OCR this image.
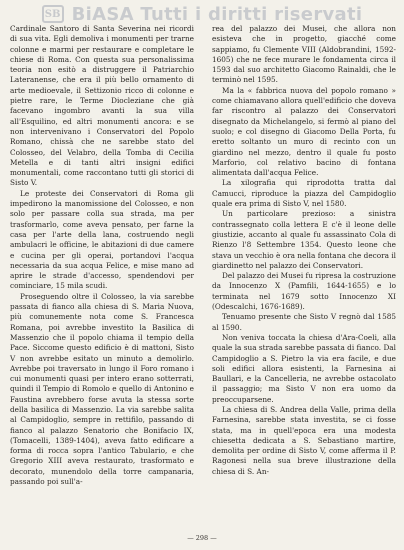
SB BiASA Tutti i diritti riservati

Cardinale Santoro di Santa Severina nei ricordi di sua vita. Egli demoliva i monumenti per trarne colonne e marmi per restaurare e completare le chiese di Roma. Con questa sua personalissima teoria non esitò a distruggere il Patriarchio Lateranense, che era il più bello ornamento di arte medioevale, il Settizonio ricco di colonne e pietre rare, le Terme Diocleziane che già facevano ingombro avanti la sua villa all'Esquilino, ed altri monumenti ancora: e se non intervenivano i Conservatori del Popolo Romano, chissà che ne sarebbe stato del Colosseo, del Velabro, della Tomba di Cecilia Metella e di tanti altri insigni edifici monumentali, come raccontano tutti gli storici di Sisto V.

Le proteste dei Conservatori di Roma gli impedirono la manomissione del Colosseo, e non solo per passare colla sua strada, ma per trasformarlo, come aveva pensato, per farne la casa per l'arte della lana, costruendo negli ambulacri le officine, le abitazioni di due camere e cucina per gli operai, portandovi l'acqua necessaria da sua acqua Felice, e mise mano ad aprire le strade d'accesso, spendendovi per cominciare, 15 mila scudi.

Proseguendo oltre il Colosseo, la via sarebbe passata di fianco alla chiesa di S. Maria Nuova, più comunemente nota come S. Francesca Romana, poi avrebbe investito la Basilica di Massenzio che il popolo chiama il tempio della Pace. Siccome questo edificio è di mattoni, Sisto V non avrebbe esitato un minuto a demolirlo. Avrebbe poi traversato in lungo il Foro romano i cui monumenti quasi per intero erano sotterrati, quindi il Tempio di Romolo e quello di Antonino e Faustina avrebbero forse avuta la stessa sorte della basilica di Massenzio. La via sarebbe salita al Campidoglio, sempre in rettifilo, passando di fianco al palazzo Senatorio che Bonifacio IX, (Tomacelli, 1389-1404), aveva fatto edificare a forma di rocca sopra l'antico Tabulario, e che Gregorio XIII aveva restaurato, trasformato e decorato, munendolo della torre campanaria, passando poi sull'a-

rea del palazzo dei Musei, che allora non esisteva che in progetto, giacché come sappiamo, fu Clemente VIII (Aldobrandini, 1592-1605) che ne fece murare le fondamenta circa il 1593 dal suo architetto Giacomo Rainaldi, che le terminò nel 1595.

Ma la « fabbrica nuova del popolo romano » come chiamavano allora quell'edificio che doveva far riscontro al palazzo dei Conservatori disegnato da Michelangelo, si fermò al piano del suolo; e col disegno di Giacomo Della Porta, fu eretto soltanto un muro di recinto con un giardino nel mezzo, dentro il quale fu posto Marforio, col relativo bacino di fontana alimentata dall'acqua Felice.

La xilografia qui riprodotta tratta dal Camucci, riproduce la piazza del Campidoglio quale era prima di Sisto V, nel 1580.

Un particolare prezioso: a sinistra contrassegnato colla lettera E c'è il leone delle giustizie, accanto al quale fu assassinato Cola di Rienzo l'8 Settembre 1354. Questo leone che stava un vecchio è ora nella fontana che decora il giardinetto nel palazzo dei Conservatori.

Del palazzo dei Musei fu ripresa la costruzione da Innocenzo X (Pamfili, 1644-1655) e lo terminata nel 1679 sotto Innocenzo XI (Odescalchi, 1676-1689).

Tenuamo presente che Sisto V regnò dal 1585 al 1590.

Non veniva toccata la chiesa d'Ara-Coeli, alla quale la sua strada sarebbe passata di fianco. Dal Campidoglio a S. Pietro la via era facile, e due soli edifici allora esistenti, la Farnesina ai Baullari, e la Cancelleria, ne avrebbe ostacolato il passaggio; ma Sisto V non era uomo da preoccuparsene.

La chiesa di S. Andrea della Valle, prima della Farnesina, sarebbe stata investita, se ci fosse stata, ma in quell'epoca era una modesta chiesetta dedicata a S. Sebastiano martire, demolita per ordine di Sisto V, come afferma il P. Ragonesi nella sua breve illustrazione della chiesa di S. An-

— 298 —
